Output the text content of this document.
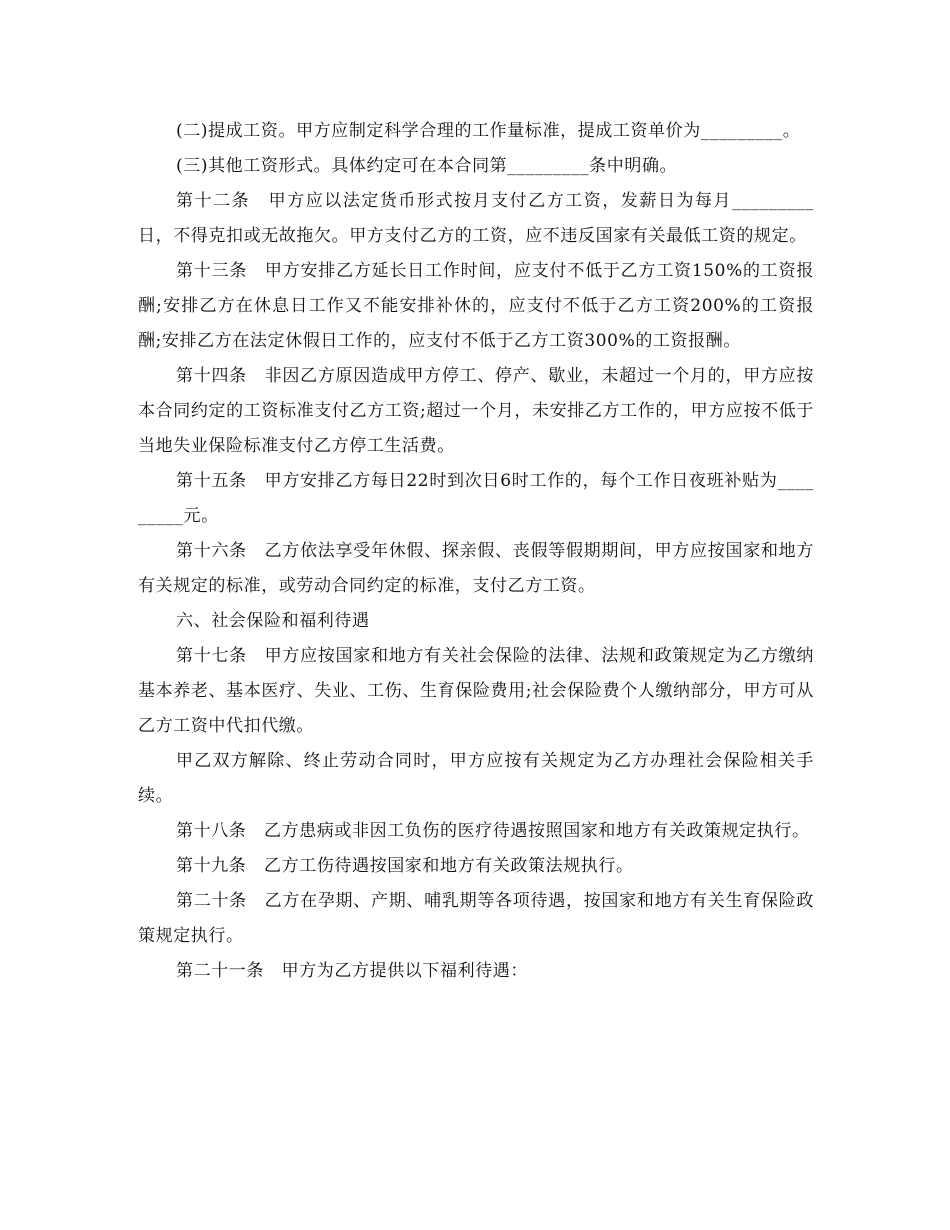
(二)提成工资。甲方应制定科学合理的工作量标准，提成工资单价为_________。

(三)其他工资形式。具体约定可在本合同第_________条中明确。

第十二条　甲方应以法定货币形式按月支付乙方工资，发薪日为每月_________日，不得克扣或无故拖欠。甲方支付乙方的工资，应不违反国家有关最低工资的规定。

第十三条　甲方安排乙方延长日工作时间，应支付不低于乙方工资150%的工资报酬;安排乙方在休息日工作又不能安排补休的，应支付不低于乙方工资200%的工资报酬;安排乙方在法定休假日工作的，应支付不低于乙方工资300%的工资报酬。

第十四条　非因乙方原因造成甲方停工、停产、歇业，未超过一个月的，甲方应按本合同约定的工资标准支付乙方工资;超过一个月，未安排乙方工作的，甲方应按不低于当地失业保险标准支付乙方停工生活费。

第十五条　甲方安排乙方每日22时到次日6时工作的，每个工作日夜班补贴为_________元。

第十六条　乙方依法享受年休假、探亲假、丧假等假期期间，甲方应按国家和地方有关规定的标准，或劳动合同约定的标准，支付乙方工资。

六、社会保险和福利待遇

第十七条　甲方应按国家和地方有关社会保险的法律、法规和政策规定为乙方缴纳基本养老、基本医疗、失业、工伤、生育保险费用;社会保险费个人缴纳部分，甲方可从乙方工资中代扣代缴。

甲乙双方解除、终止劳动合同时，甲方应按有关规定为乙方办理社会保险相关手续。

第十八条　乙方患病或非因工负伤的医疗待遇按照国家和地方有关政策规定执行。

第十九条　乙方工伤待遇按国家和地方有关政策法规执行。

第二十条　乙方在孕期、产期、哺乳期等各项待遇，按国家和地方有关生育保险政策规定执行。

第二十一条　甲方为乙方提供以下福利待遇：
